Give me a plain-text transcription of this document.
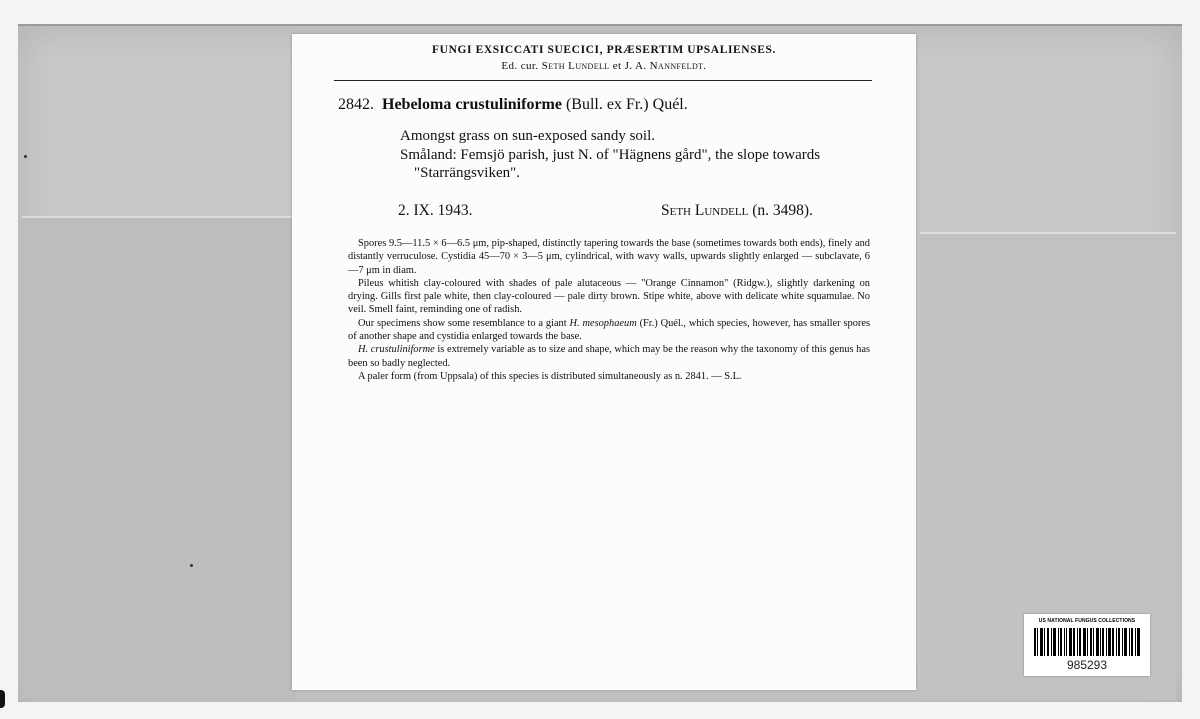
FUNGI EXSICCATI SUECICI, PRÆSERTIM UPSALIENSES.
Ed. cur. Seth Lundell et J. A. Nannfeldt.
2842. Hebeloma crustuliniforme (Bull. ex Fr.) Quél.
Amongst grass on sun-exposed sandy soil.
Småland: Femsjö parish, just N. of "Hägnens gård", the slope towards "Starrängsviken".
2. IX. 1943.	Seth Lundell (n. 3498).

Spores 9.5—11.5 × 6—6.5 μm, pip-shaped, distinctly tapering towards the base (sometimes towards both ends), finely and distantly verruculose. Cystidia 45—70 × 3—5 μm, cylindrical, with wavy walls, upwards slightly enlarged — subclavate, 6—7 μm in diam.

Pileus whitish clay-coloured with shades of pale alutaceous — "Orange Cinnamon" (Ridgw.), slightly darkening on drying. Gills first pale white, then clay-coloured — pale dirty brown. Stipe white, above with delicate white squamulae. No veil. Smell faint, reminding one of radish.

Our specimens show some resemblance to a giant H. mesophaeum (Fr.) Quél., which species, however, has smaller spores of another shape and cystidia enlarged towards the base.

H. crustuliniforme is extremely variable as to size and shape, which may be the reason why the taxonomy of this genus has been so badly neglected.

A paler form (from Uppsala) of this species is distributed simultaneously as n. 2841. — S.L.

US NATIONAL FUNGUS COLLECTIONS
985293
